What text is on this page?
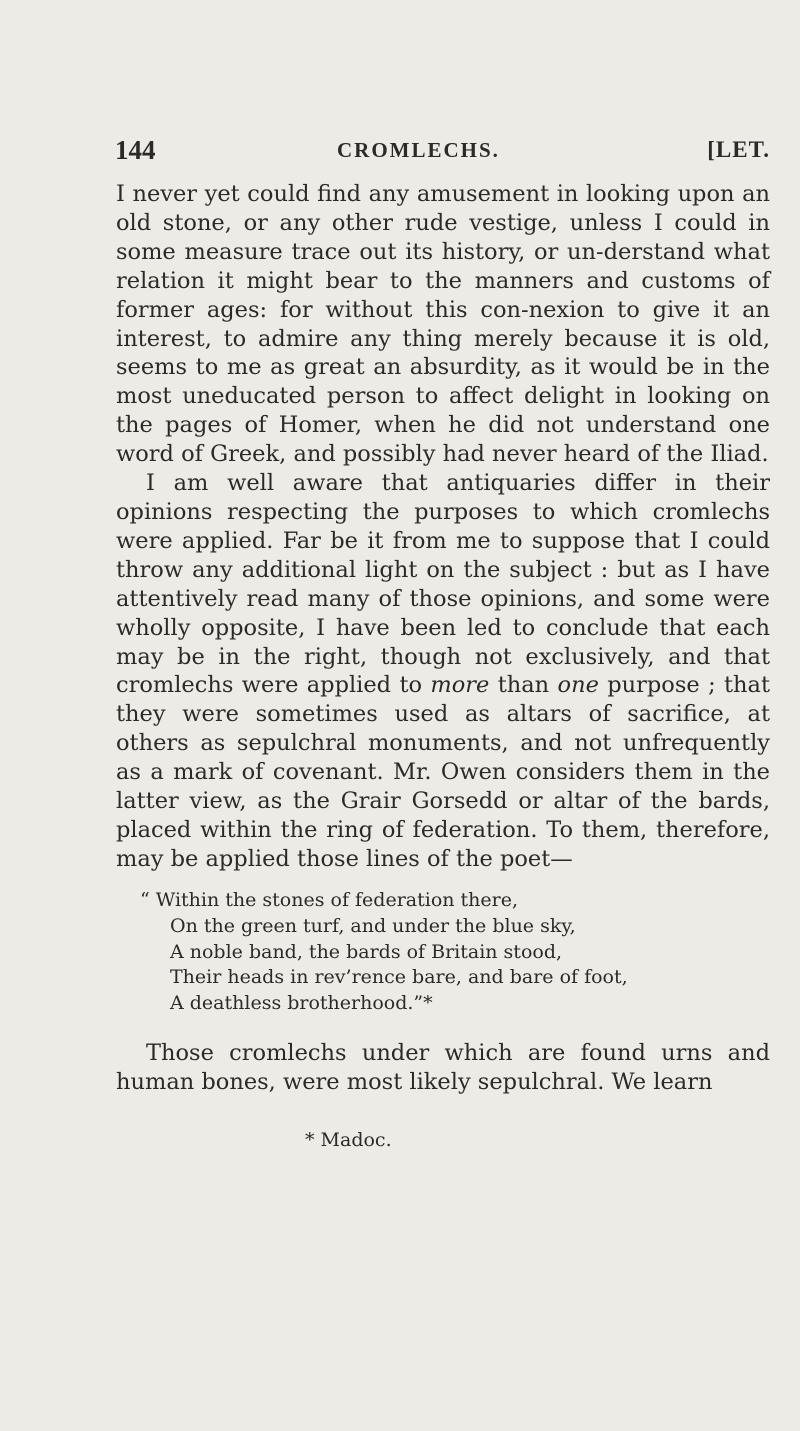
144	CROMLECHS.	[LET.

I never yet could find any amusement in looking upon an old stone, or any other rude vestige, unless I could in some measure trace out its history, or un-derstand what relation it might bear to the manners and customs of former ages: for without this con-nexion to give it an interest, to admire any thing merely because it is old, seems to me as great an absurdity, as it would be in the most uneducated person to affect delight in looking on the pages of Homer, when he did not understand one word of Greek, and possibly had never heard of the Iliad.

I am well aware that antiquaries differ in their opinions respecting the purposes to which cromlechs were applied. Far be it from me to suppose that I could throw any additional light on the subject : but as I have attentively read many of those opinions, and some were wholly opposite, I have been led to conclude that each may be in the right, though not exclusively, and that cromlechs were applied to more than one purpose ; that they were sometimes used as altars of sacrifice, at others as sepulchral monuments, and not unfrequently as a mark of covenant. Mr. Owen considers them in the latter view, as the Grair Gorsedd or altar of the bards, placed within the ring of federation. To them, therefore, may be applied those lines of the poet—

“ Within the stones of federation there,
On the green turf, and under the blue sky,
A noble band, the bards of Britain stood,
Their heads in rev’rence bare, and bare of foot,
A deathless brotherhood.”*

Those cromlechs under which are found urns and human bones, were most likely sepulchral. We learn

* Madoc.
